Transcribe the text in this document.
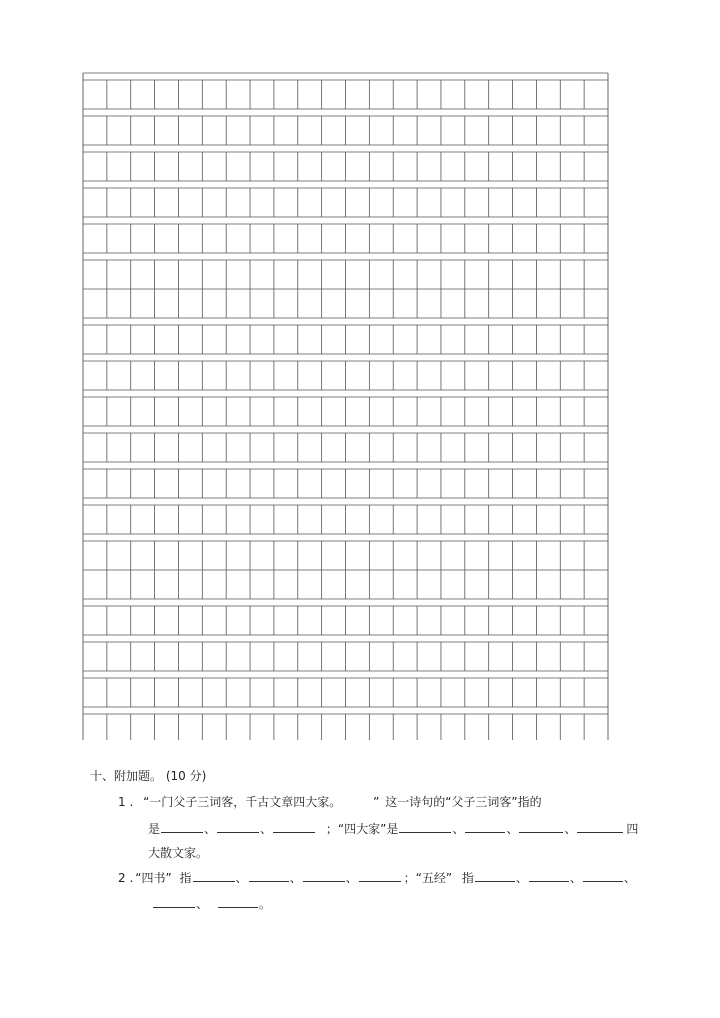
十、附加题。 (10 分)
1 . “一门父子三词客，千古文章四大家。	” 这一诗句的“父子三词客”指的
是	、	、	；“四大家”是	、	、	、	四
大散文家。
2 . “四书” 指	、	、	、	；“五经” 指	、	、	、
、	。
